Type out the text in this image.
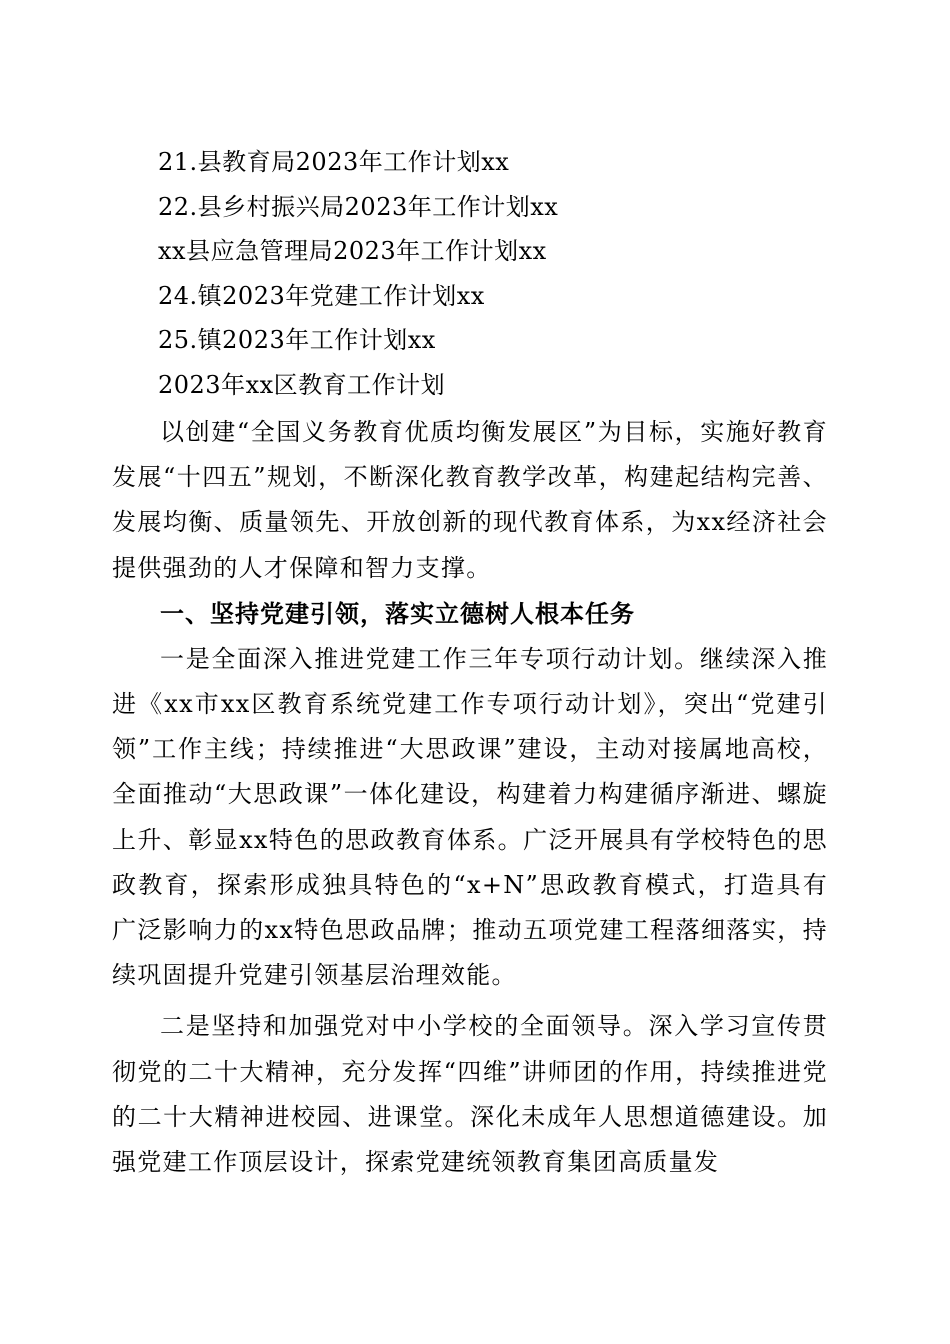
21.县教育局2023年工作计划xx
22.县乡村振兴局2023年工作计划xx
xx县应急管理局2023年工作计划xx
24.镇2023年党建工作计划xx
25.镇2023年工作计划xx
2023年xx区教育工作计划

以创建“全国义务教育优质均衡发展区”为目标，实施好教育发展“十四五”规划，不断深化教育教学改革，构建起结构完善、发展均衡、质量领先、开放创新的现代教育体系，为xx经济社会提供强劲的人才保障和智力支撑。

一、坚持党建引领，落实立德树人根本任务

一是全面深入推进党建工作三年专项行动计划。继续深入推进《xx市xx区教育系统党建工作专项行动计划》，突出“党建引领”工作主线；持续推进“大思政课”建设，主动对接属地高校，全面推动“大思政课”一体化建设，构建着力构建循序渐进、螺旋上升、彰显xx特色的思政教育体系。广泛开展具有学校特色的思政教育，探索形成独具特色的“x+N”思政教育模式，打造具有广泛影响力的xx特色思政品牌；推动五项党建工程落细落实，持续巩固提升党建引领基层治理效能。

二是坚持和加强党对中小学校的全面领导。深入学习宣传贯彻党的二十大精神，充分发挥“四维”讲师团的作用，持续推进党的二十大精神进校园、进课堂。深化未成年人思想道德建设。加强党建工作顶层设计，探索党建统领教育集团高质量发
